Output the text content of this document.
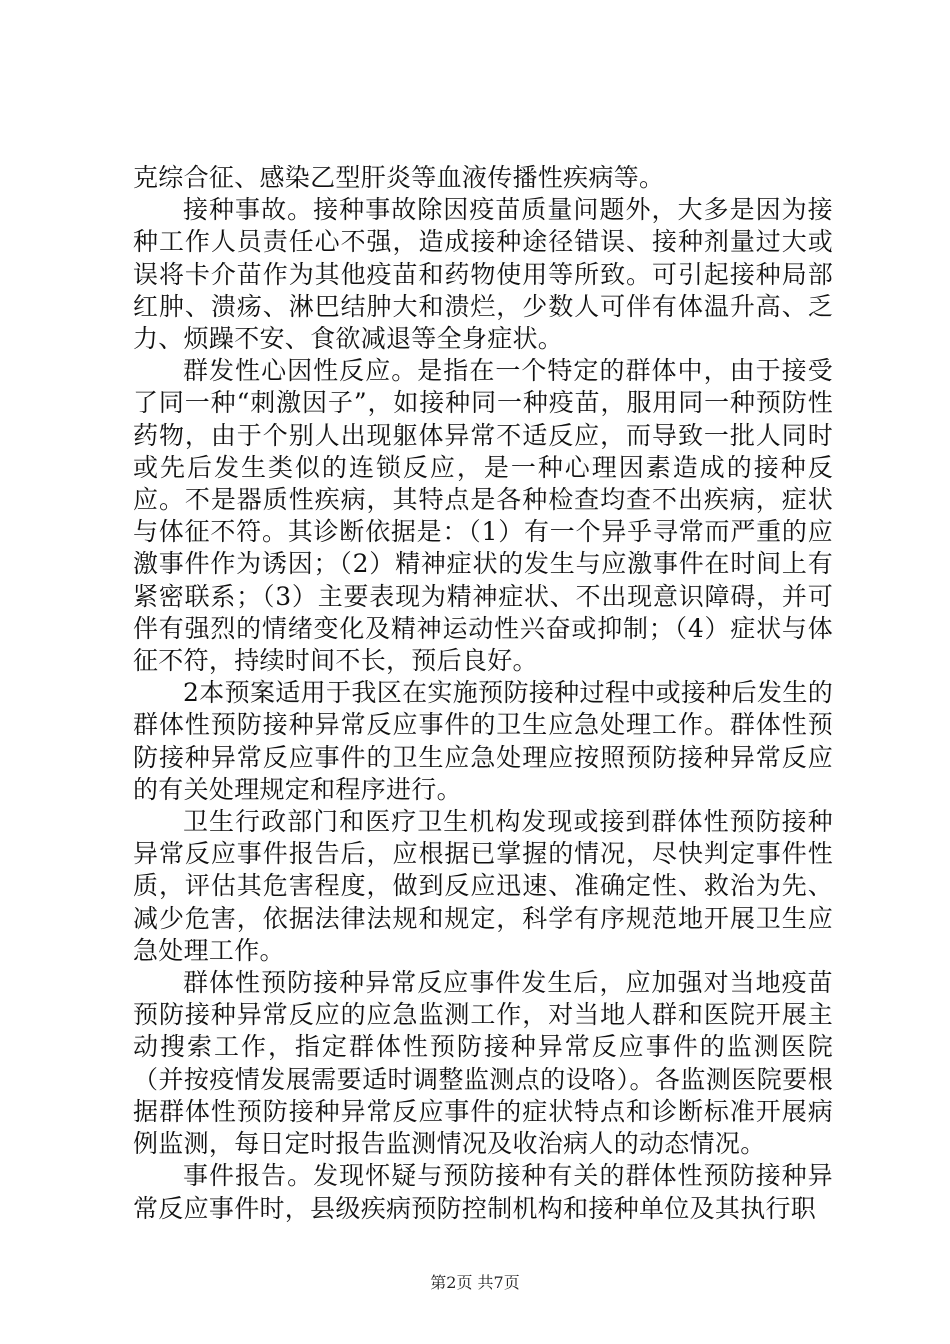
克综合征、感染乙型肝炎等血液传播性疾病等。

接种事故。接种事故除因疫苗质量问题外，大多是因为接种工作人员责任心不强，造成接种途径错误、接种剂量过大或误将卡介苗作为其他疫苗和药物使用等所致。可引起接种局部红肿、溃疡、淋巴结肿大和溃烂，少数人可伴有体温升高、乏力、烦躁不安、食欲减退等全身症状。

群发性心因性反应。是指在一个特定的群体中，由于接受了同一种“刺激因子”，如接种同一种疫苗，服用同一种预防性药物，由于个别人出现躯体异常不适反应，而导致一批人同时或先后发生类似的连锁反应，是一种心理因素造成的接种反应。不是器质性疾病，其特点是各种检查均查不出疾病，症状与体征不符。其诊断依据是：（1）有一个异乎寻常而严重的应激事件作为诱因；（2）精神症状的发生与应激事件在时间上有紧密联系；（3）主要表现为精神症状、不出现意识障碍，并可伴有强烈的情绪变化及精神运动性兴奋或抑制；（4）症状与体征不符，持续时间不长，预后良好。

2本预案适用于我区在实施预防接种过程中或接种后发生的群体性预防接种异常反应事件的卫生应急处理工作。群体性预防接种异常反应事件的卫生应急处理应按照预防接种异常反应的有关处理规定和程序进行。

卫生行政部门和医疗卫生机构发现或接到群体性预防接种异常反应事件报告后，应根据已掌握的情况，尽快判定事件性质，评估其危害程度，做到反应迅速、准确定性、救治为先、减少危害，依据法律法规和规定，科学有序规范地开展卫生应急处理工作。

群体性预防接种异常反应事件发生后，应加强对当地疫苗预防接种异常反应的应急监测工作，对当地人群和医院开展主动搜索工作，指定群体性预防接种异常反应事件的监测医院（并按疫情发展需要适时调整监测点的设咯）。各监测医院要根据群体性预防接种异常反应事件的症状特点和诊断标准开展病例监测，每日定时报告监测情况及收治病人的动态情况。

事件报告。发现怀疑与预防接种有关的群体性预防接种异常反应事件时，县级疾病预防控制机构和接种单位及其执行职

第2页 共7页
